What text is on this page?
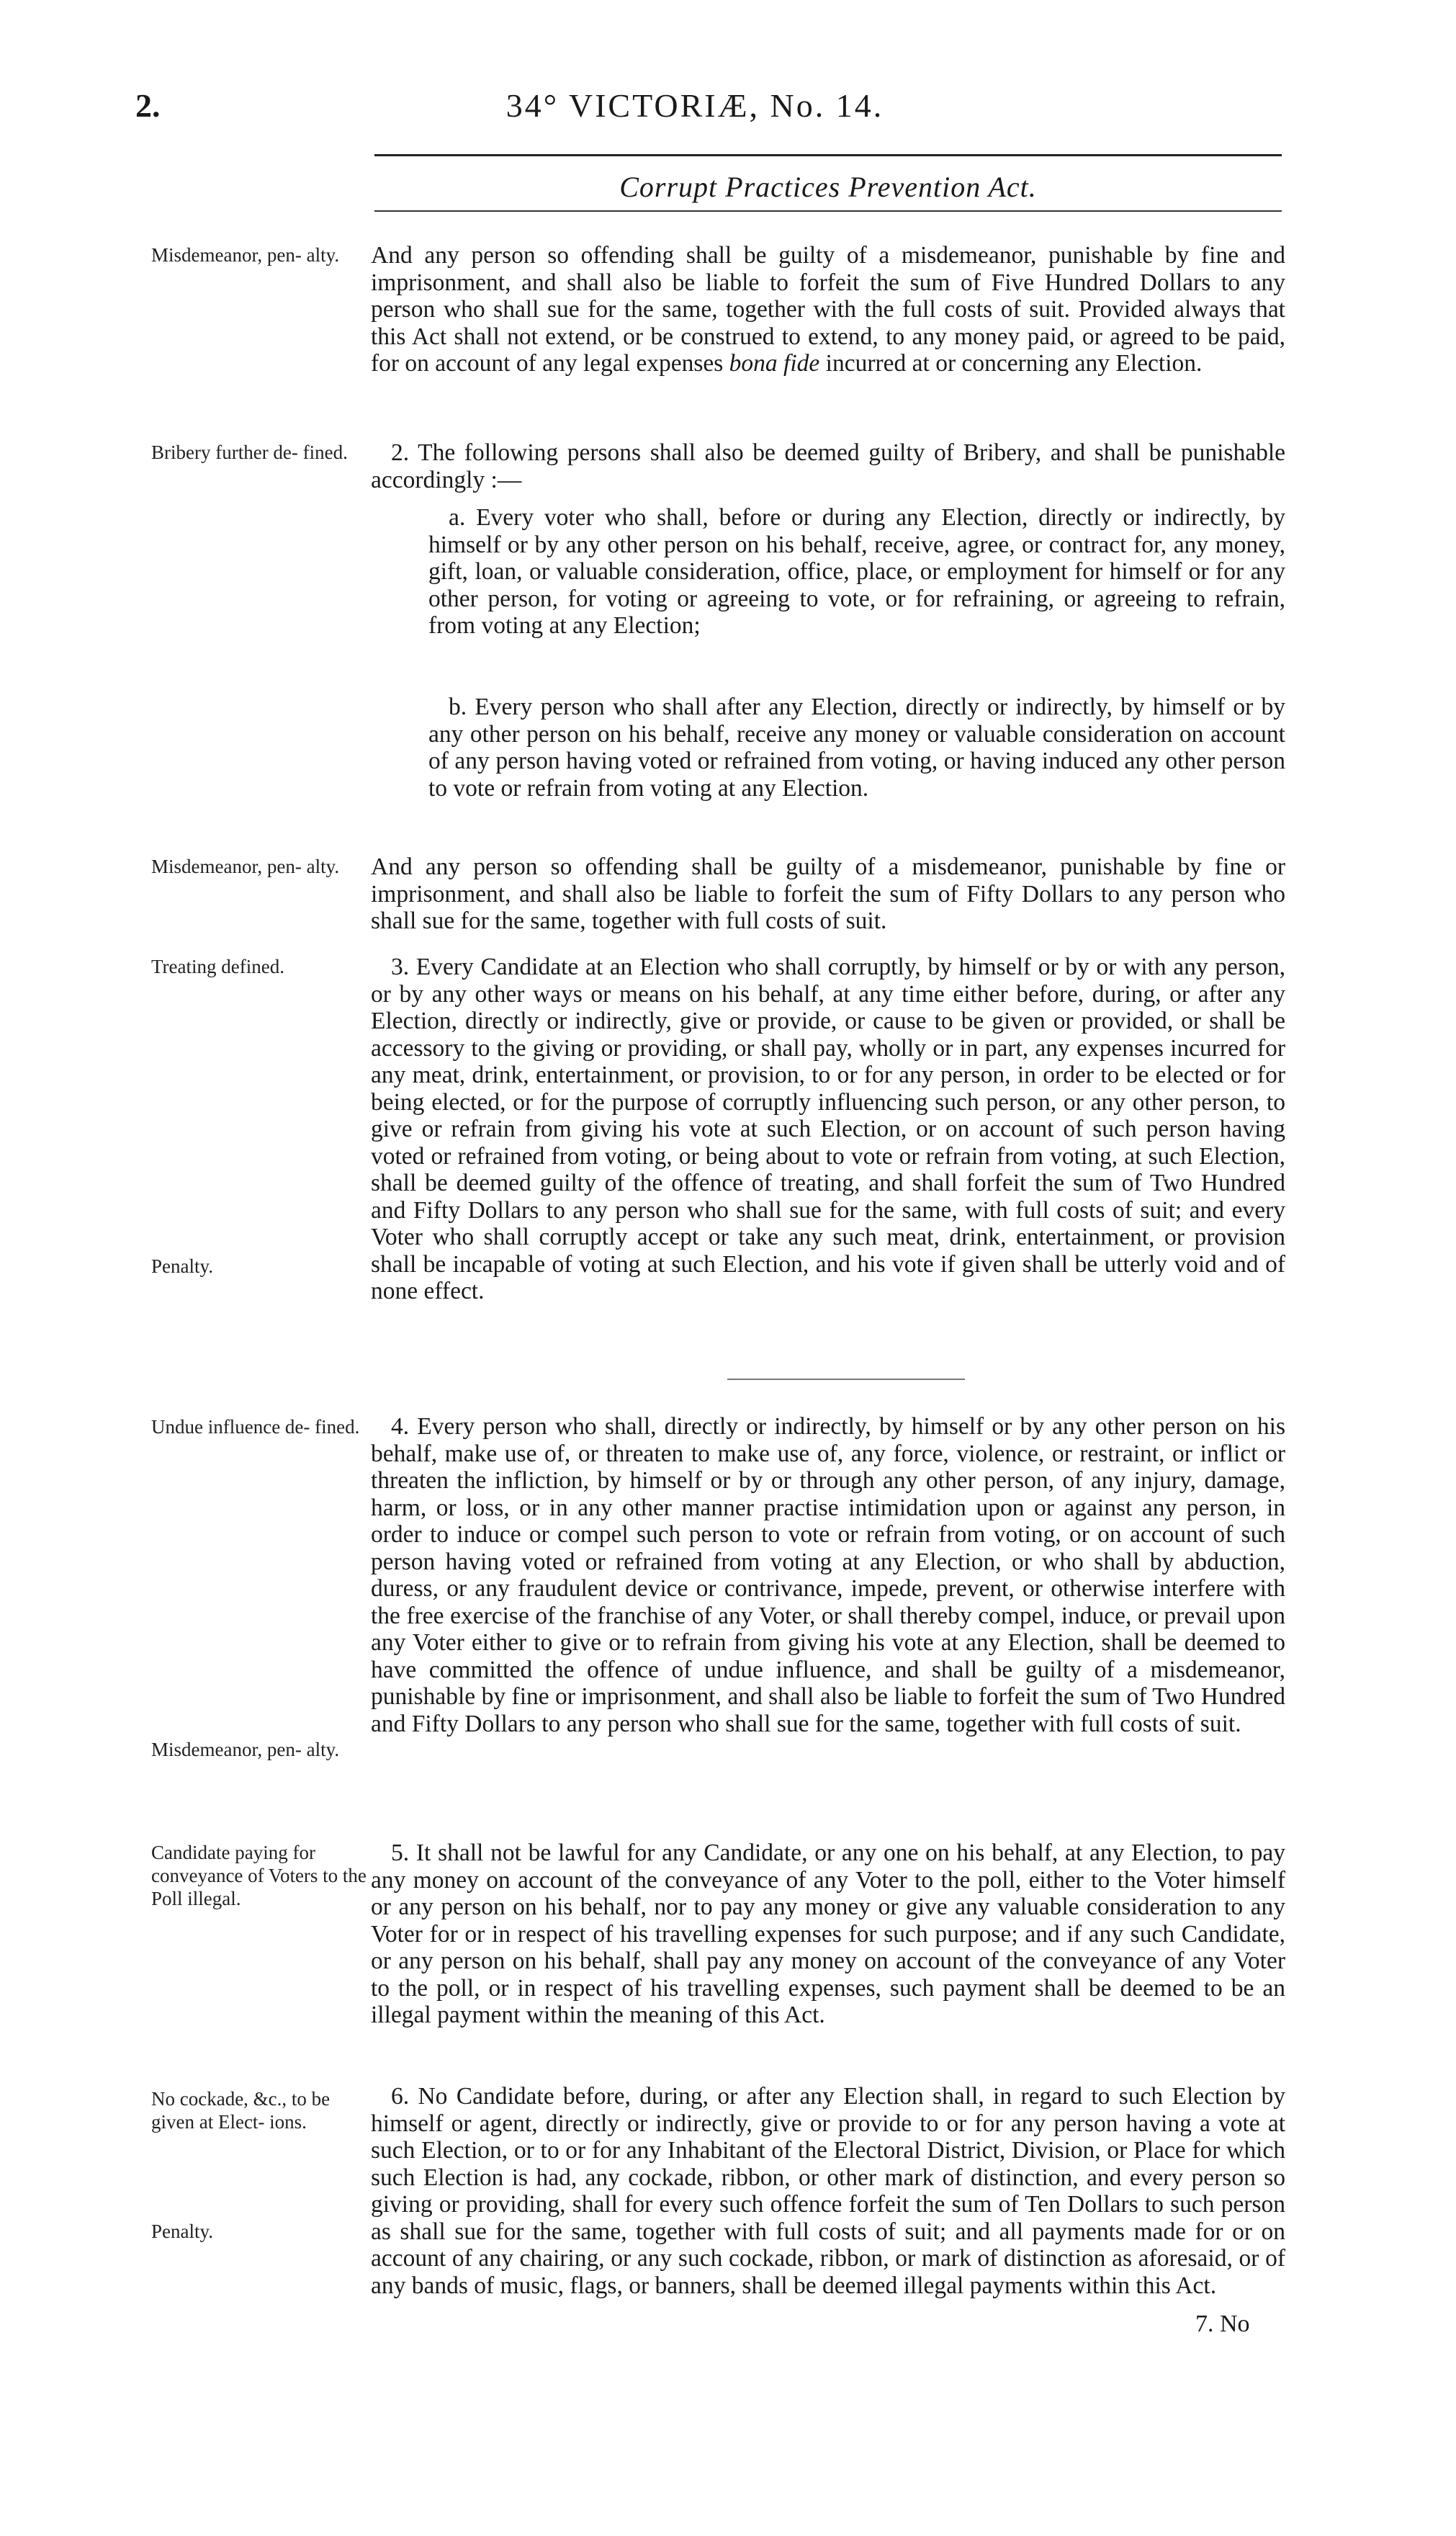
2.	34° VICTORIÆ, No. 14.
Corrupt Practices Prevention Act.
Misdemeanor, pen- alty.
Bribery further de- fined.
Misdemeanor, pen- alty.
Treating defined.
Penalty.
Undue influence de- fined.
Misdemeanor, pen- alty.
Candidate paying for conveyance of Voters to the Poll illegal.
No cockade, &c., to be given at Elect- ions.
Penalty.

And any person so offending shall be guilty of a misdemeanor, punishable by fine and imprisonment, and shall also be liable to forfeit the sum of Five Hundred Dollars to any person who shall sue for the same, together with the full costs of suit. Provided always that this Act shall not extend, or be construed to extend, to any money paid, or agreed to be paid, for on account of any legal expenses bona fide incurred at or concerning any Election.

2. The following persons shall also be deemed guilty of Bribery, and shall be punishable accordingly :—

a. Every voter who shall, before or during any Election, directly or indirectly, by himself or by any other person on his behalf, receive, agree, or contract for, any money, gift, loan, or valuable consideration, office, place, or employment for himself or for any other person, for voting or agreeing to vote, or for refraining, or agreeing to refrain, from voting at any Election;

b. Every person who shall after any Election, directly or indirectly, by himself or by any other person on his behalf, receive any money or valuable consideration on account of any person having voted or refrained from voting, or having induced any other person to vote or refrain from voting at any Election.

And any person so offending shall be guilty of a misdemeanor, punishable by fine or imprisonment, and shall also be liable to forfeit the sum of Fifty Dollars to any person who shall sue for the same, together with full costs of suit.

3. Every Candidate at an Election who shall corruptly, by himself or by or with any person, or by any other ways or means on his behalf, at any time either before, during, or after any Election, directly or indirectly, give or provide, or cause to be given or provided, or shall be accessory to the giving or providing, or shall pay, wholly or in part, any expenses incurred for any meat, drink, entertainment, or provision, to or for any person, in order to be elected or for being elected, or for the purpose of corruptly influencing such person, or any other person, to give or refrain from giving his vote at such Election, or on account of such person having voted or refrained from voting, or being about to vote or refrain from voting, at such Election, shall be deemed guilty of the offence of treating, and shall forfeit the sum of Two Hundred and Fifty Dollars to any person who shall sue for the same, with full costs of suit; and every Voter who shall corruptly accept or take any such meat, drink, entertainment, or provision shall be incapable of voting at such Election, and his vote if given shall be utterly void and of none effect.

4. Every person who shall, directly or indirectly, by himself or by any other person on his behalf, make use of, or threaten to make use of, any force, violence, or restraint, or inflict or threaten the infliction, by himself or by or through any other person, of any injury, damage, harm, or loss, or in any other manner practise intimidation upon or against any person, in order to induce or compel such person to vote or refrain from voting, or on account of such person having voted or refrained from voting at any Election, or who shall by abduction, duress, or any fraudulent device or contrivance, impede, prevent, or otherwise interfere with the free exercise of the franchise of any Voter, or shall thereby compel, induce, or prevail upon any Voter either to give or to refrain from giving his vote at any Election, shall be deemed to have committed the offence of undue influence, and shall be guilty of a misdemeanor, punishable by fine or imprisonment, and shall also be liable to forfeit the sum of Two Hundred and Fifty Dollars to any person who shall sue for the same, together with full costs of suit.

5. It shall not be lawful for any Candidate, or any one on his behalf, at any Election, to pay any money on account of the conveyance of any Voter to the poll, either to the Voter himself or any person on his behalf, nor to pay any money or give any valuable consideration to any Voter for or in respect of his travelling expenses for such purpose; and if any such Candidate, or any person on his behalf, shall pay any money on account of the conveyance of any Voter to the poll, or in respect of his travelling expenses, such payment shall be deemed to be an illegal payment within the meaning of this Act.

6. No Candidate before, during, or after any Election shall, in regard to such Election by himself or agent, directly or indirectly, give or provide to or for any person having a vote at such Election, or to or for any Inhabitant of the Electoral District, Division, or Place for which such Election is had, any cockade, ribbon, or other mark of distinction, and every person so giving or providing, shall for every such offence forfeit the sum of Ten Dollars to such person as shall sue for the same, together with full costs of suit; and all payments made for or on account of any chairing, or any such cockade, ribbon, or mark of distinction as aforesaid, or of any bands of music, flags, or banners, shall be deemed illegal payments within this Act.

7. No
